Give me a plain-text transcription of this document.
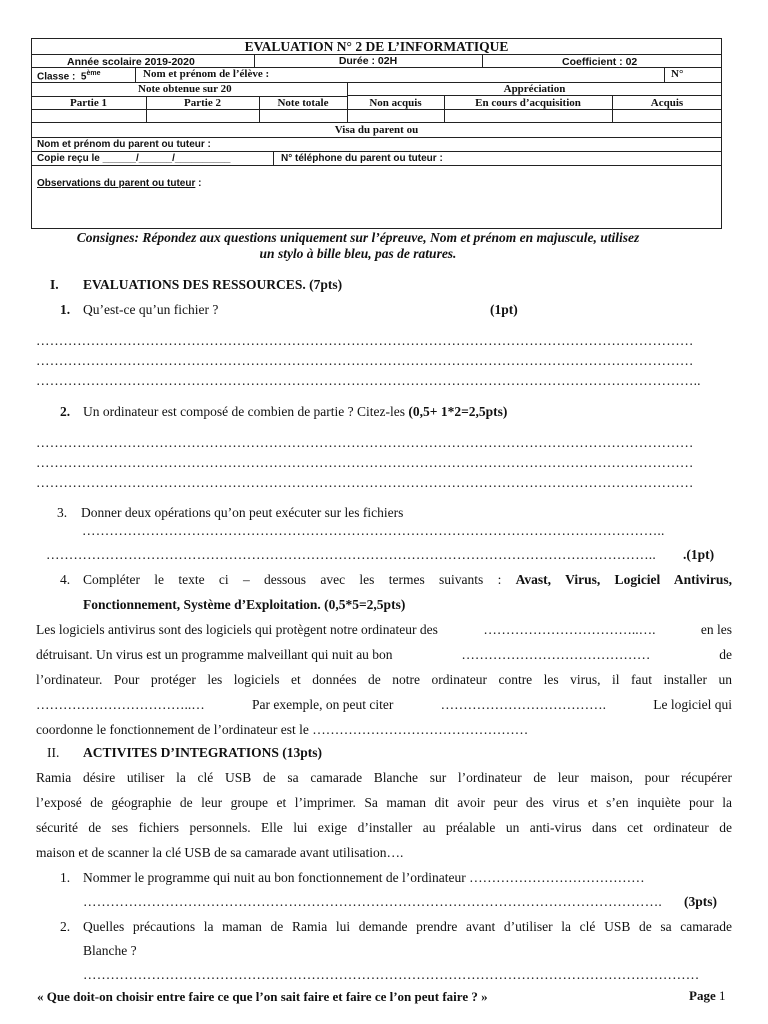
EVALUATION N° 2 DE L’INFORMATIQUE
Année scolaire 2019-2020	Durée : 02H	Coefficient : 02
Classe : 5ème	Nom et prénom de l’élève :	N°
Note obtenue sur 20	Appréciation
Partie 1	Partie 2	Note totale	Non acquis	En cours d’acquisition	Acquis
Visa du parent ou
Nom et prénom du parent ou tuteur :
Copie reçu le ______/______/__________	N° téléphone du parent ou tuteur :
Observations du parent ou tuteur :
Consignes: Répondez aux questions uniquement sur l’épreuve, Nom et prénom en majuscule, utilisez
un stylo à bille bleu, pas de ratures.
I. EVALUATIONS DES RESSOURCES. (7pts)
1. Qu’est-ce qu’un fichier ?	(1pt)
………………………………………………………………………………………………………………………………
………………………………………………………………………………………………………………………………
………………………………………………………………………………………………………………………………..
2. Un ordinateur est composé de combien de partie ? Citez-les (0,5+ 1*2=2,5pts)
………………………………………………………………………………………………………………………………
………………………………………………………………………………………………………………………………
………………………………………………………………………………………………………………………………
3. Donner deux opérations qu’on peut exécuter sur les fichiers
………………………………………………………………………………………………………………..
……………………………………………………………………………………………………………………..	.(1pt)
4. Compléter le texte ci – dessous avec les termes suivants : Avast, Virus, Logiciel Antivirus,
Fonctionnement, Système d’Exploitation. (0,5*5=2,5pts)
Les logiciels antivirus sont des logiciels qui protègent notre ordinateur des	……………………………..….	en les
détruisant. Un virus est un programme malveillant qui nuit au bon	……………………………………	de
l’ordinateur. Pour protéger les logiciels et données de notre ordinateur contre les virus, il faut installer un
……………………………..…	Par exemple, on peut citer	……………………………….	Le logiciel qui
coordonne le fonctionnement de l’ordinateur est le …………………………………………
II. ACTIVITES D’INTEGRATIONS (13pts)
Ramia désire utiliser la clé USB de sa camarade Blanche sur l’ordinateur de leur maison, pour récupérer
l’exposé de géographie de leur groupe et l’imprimer. Sa maman dit avoir peur des virus et s’en inquiète pour la
sécurité de ses fichiers personnels. Elle lui exige d’installer au préalable un anti-virus dans cet ordinateur de
maison et de scanner la clé USB de sa camarade avant utilisation….
1. Nommer le programme qui nuit au bon fonctionnement de l’ordinateur …………………………………
……………………………………………………………………………………………………………….	(3pts)
2. Quelles précautions la maman de Ramia lui demande prendre avant d’utiliser la clé USB de sa camarade
Blanche ?
………………………………………………………………………………………………………………………
« Que doit-on choisir entre faire ce que l’on sait faire et faire ce l’on peut faire ? »	Page 1
